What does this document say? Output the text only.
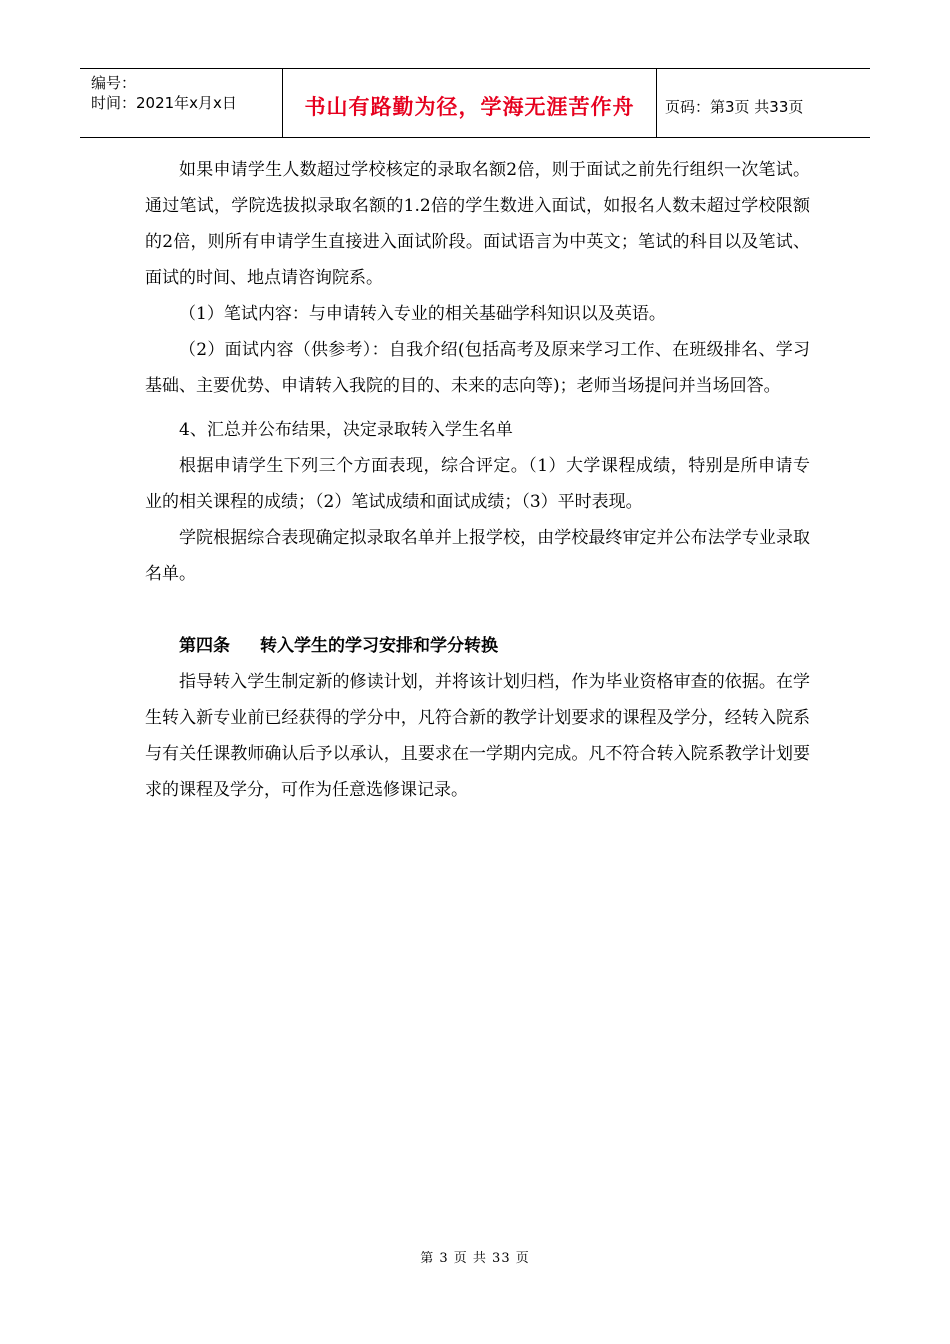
编号：
时间：2021年x月x日	书山有路勤为径，学海无涯苦作舟 页码：第3页 共33页

如果申请学生人数超过学校核定的录取名额2倍，则于面试之前先行组织一次笔试。通过笔试，学院选拔拟录取名额的1.2倍的学生数进入面试，如报名人数未超过学校限额的2倍，则所有申请学生直接进入面试阶段。面试语言为中英文；笔试的科目以及笔试、面试的时间、地点请咨询院系。

（1）笔试内容：与申请转入专业的相关基础学科知识以及英语。

（2）面试内容（供参考）：自我介绍(包括高考及原来学习工作、在班级排名、学习基础、主要优势、申请转入我院的目的、未来的志向等)；老师当场提问并当场回答。

4、汇总并公布结果，决定录取转入学生名单

根据申请学生下列三个方面表现，综合评定。（1）大学课程成绩，特别是所申请专业的相关课程的成绩；（2）笔试成绩和面试成绩；（3）平时表现。

学院根据综合表现确定拟录取名单并上报学校，由学校最终审定并公布法学专业录取名单。

第四条 转入学生的学习安排和学分转换

指导转入学生制定新的修读计划，并将该计划归档，作为毕业资格审查的依据。在学生转入新专业前已经获得的学分中，凡符合新的教学计划要求的课程及学分，经转入院系与有关任课教师确认后予以承认，且要求在一学期内完成。凡不符合转入院系教学计划要求的课程及学分，可作为任意选修课记录。

第 3 页 共 33 页
